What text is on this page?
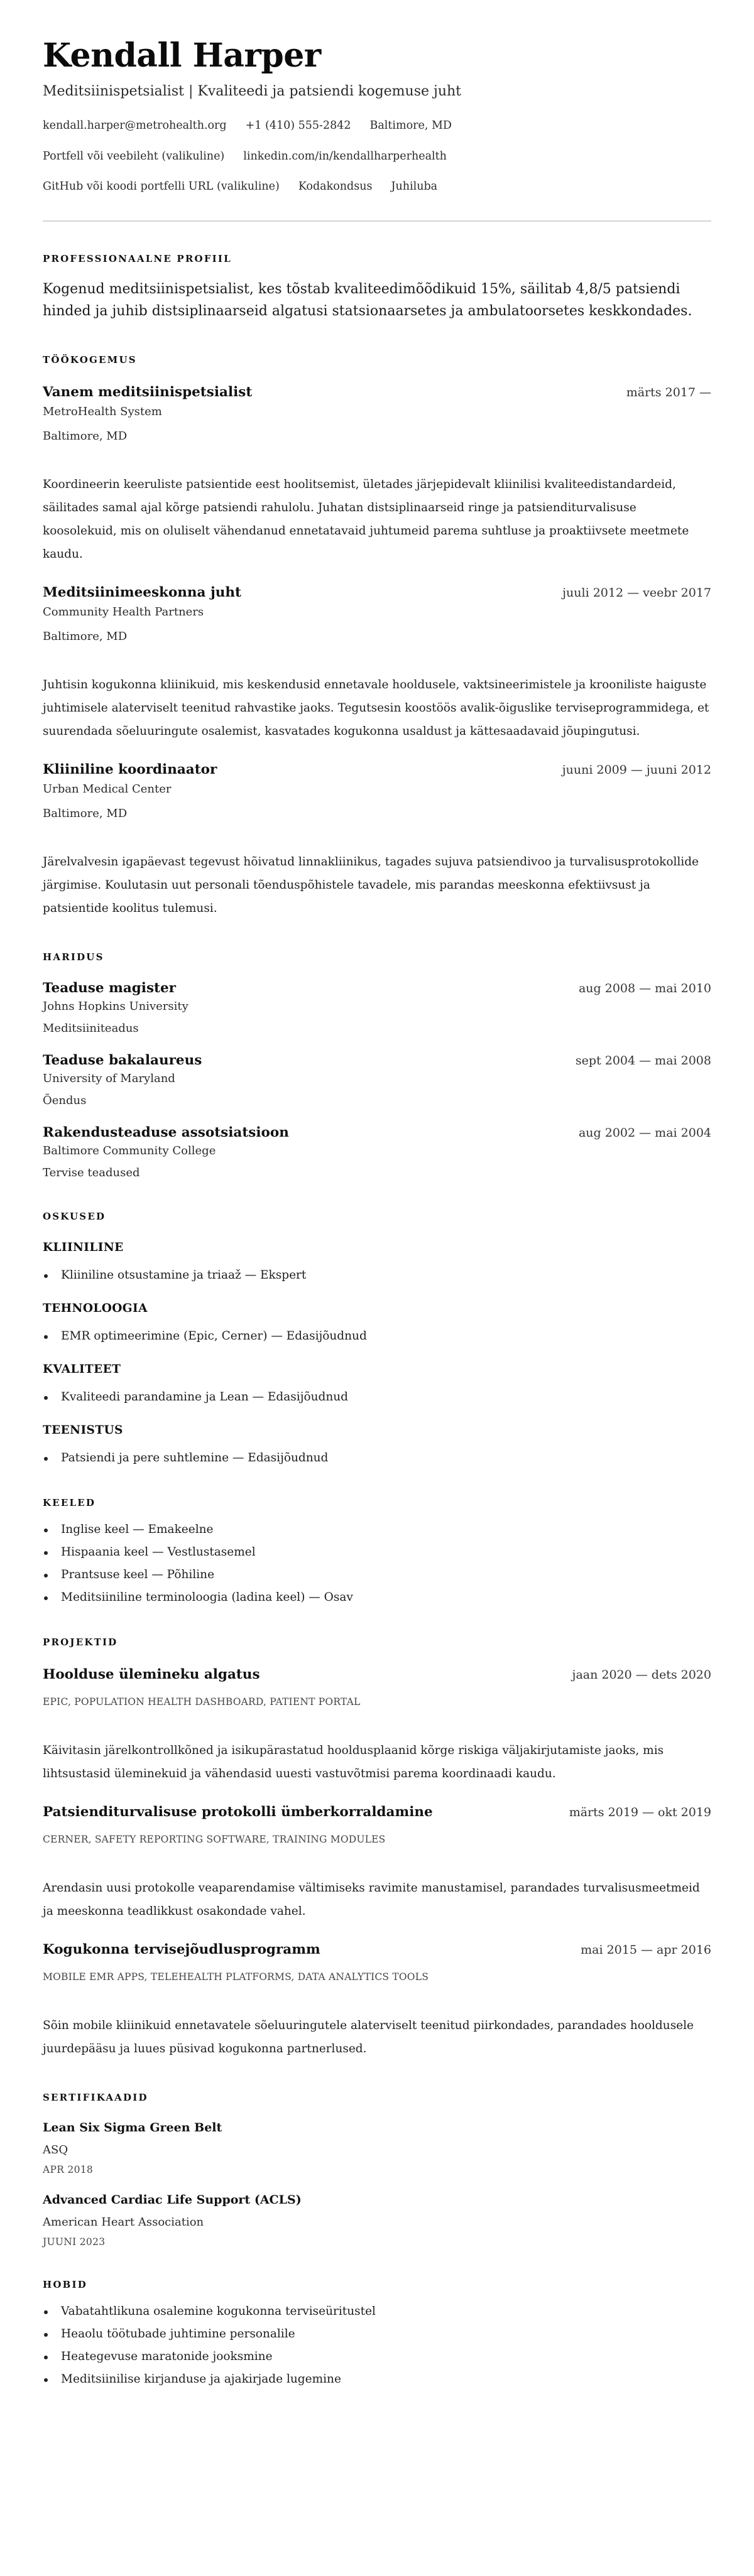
Kendall Harper
Meditsiinispetsialist | Kvaliteedi ja patsiendi kogemuse juht
kendall.harper@metrohealth.org +1 (410) 555-2842 Baltimore, MD
Portfell või veebileht (valikuline) linkedin.com/in/kendallharperhealth
GitHub või koodi portfelli URL (valikuline) Kodakondsus Juhiluba
PROFESSIONAALNE PROFIIL

Kogenud meditsiinispetsialist, kes tõstab kvaliteedimõõdikuid 15%, säilitab 4,8/5 patsiendi hinded ja juhib distsiplinaarseid algatusi statsionaarsetes ja ambulatoorsetes keskkondades.

TÖÖKOGEMUS
Vanem meditsiinispetsialist	märts 2017 —
MetroHealth System
Baltimore, MD

Koordineerin keeruliste patsientide eest hoolitsemist, ületades järjepidevalt kliinilisi kvaliteedistandardeid, säilitades samal ajal kõrge patsiendi rahulolu. Juhatan distsiplinaarseid ringe ja patsienditurvalisuse koosolekuid, mis on oluliselt vähendanud ennetatavaid juhtumeid parema suhtluse ja proaktiivsete meetmete kaudu.

Meditsiinimeeskonna juht	juuli 2012 — veebr 2017
Community Health Partners
Baltimore, MD

Juhtisin kogukonna kliinikuid, mis keskendusid ennetavale hooldusele, vaktsineerimistele ja krooniliste haiguste juhtimisele alaterviselt teenitud rahvastike jaoks. Tegutsesin koostöös avalik-õiguslike terviseprogrammidega, et suurendada sõeluuringute osalemist, kasvatades kogukonna usaldust ja kättesaadavaid jõupingutusi.

Kliiniline koordinaator	juuni 2009 — juuni 2012
Urban Medical Center
Baltimore, MD

Järelvalvesin igapäevast tegevust hõivatud linnakliinikus, tagades sujuva patsiendivoo ja turvalisusprotokollide järgimise. Koulutasin uut personali tõenduspõhistele tavadele, mis parandas meeskonna efektiivsust ja patsientide koolitus tulemusi.

HARIDUS
Teaduse magister	aug 2008 — mai 2010
Johns Hopkins University
Meditsiiniteadus
Teaduse bakalaureus	sept 2004 — mai 2008
University of Maryland
Õendus
Rakendusteaduse assotsiatsioon	aug 2002 — mai 2004
Baltimore Community College
Tervise teadused
OSKUSED
KLIINILINE
Kliiniline otsustamine ja triaaž — Ekspert
TEHNOLOOGIA
EMR optimeerimine (Epic, Cerner) — Edasijõudnud
KVALITEET
Kvaliteedi parandamine ja Lean — Edasijõudnud
TEENISTUS
Patsiendi ja pere suhtlemine — Edasijõudnud
KEELED
Inglise keel — Emakeelne
Hispaania keel — Vestlustasemel
Prantsuse keel — Põhiline
Meditsiiniline terminoloogia (ladina keel) — Osav
PROJEKTID
Hoolduse ülemineku algatus	jaan 2020 — dets 2020
EPIC, POPULATION HEALTH DASHBOARD, PATIENT PORTAL

Käivitasin järelkontrollkõned ja isikupärastatud hooldusplaanid kõrge riskiga väljakirjutamiste jaoks, mis lihtsustasid üleminekuid ja vähendasid uuesti vastuvõtmisi parema koordinaadi kaudu.

Patsienditurvalisuse protokolli ümberkorraldamine	märts 2019 — okt 2019
CERNER, SAFETY REPORTING SOFTWARE, TRAINING MODULES

Arendasin uusi protokolle veaparendamise vältimiseks ravimite manustamisel, parandades turvalisusmeetmeid ja meeskonna teadlikkust osakondade vahel.

Kogukonna tervisejõudlusprogramm	mai 2015 — apr 2016
MOBILE EMR APPS, TELEHEALTH PLATFORMS, DATA ANALYTICS TOOLS

Sõin mobile kliinikuid ennetavatele sõeluuringutele alaterviselt teenitud piirkondades, parandades hooldusele juurdepääsu ja luues püsivad kogukonna partnerlused.

SERTIFIKAADID
Lean Six Sigma Green Belt
ASQ
APR 2018
Advanced Cardiac Life Support (ACLS)
American Heart Association
JUUNI 2023
HOBID
Vabatahtlikuna osalemine kogukonna terviseüritustel
Heaolu töötubade juhtimine personalile
Heategevuse maratonide jooksmine
Meditsiinilise kirjanduse ja ajakirjade lugemine
